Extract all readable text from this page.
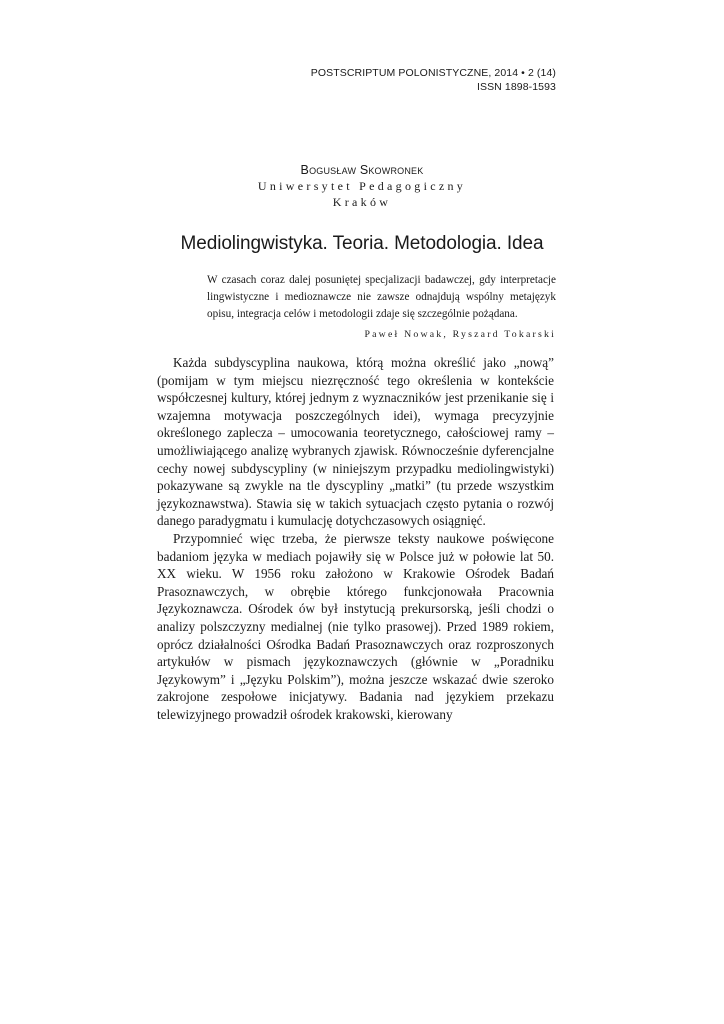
POSTSCRIPTUM POLONISTYCZNE, 2014 • 2 (14)
ISSN 1898-1593
Bogusław Skowronek
Uniwersytet Pedagogiczny
Kraków
Mediolingwistyka. Teoria. Metodologia. Idea
W czasach coraz dalej posuniętej specjalizacji badawczej, gdy interpretacje lingwistyczne i medioznawcze nie zawsze odnajdują wspólny metajęzyk opisu, integracja celów i metodologii zdaje się szczególnie pożądana.
Paweł Nowak, Ryszard Tokarski

Każda subdyscyplina naukowa, którą można określić jako „nową” (pomijam w tym miejscu niezręczność tego określenia w kontekście współczesnej kultury, której jednym z wyznaczników jest przenikanie się i wzajemna motywacja poszczególnych idei), wymaga precyzyjnie określonego zaplecza – umocowania teoretycznego, całościowej ramy – umożliwiającego analizę wybranych zjawisk. Równocześnie dyferencjalne cechy nowej subdyscypliny (w niniejszym przypadku mediolingwistyki) pokazywane są zwykle na tle dyscypliny „matki” (tu przede wszystkim językoznawstwa). Stawia się w takich sytuacjach często pytania o rozwój danego paradygmatu i kumulację dotychczasowych osiągnięć.

Przypomnieć więc trzeba, że pierwsze teksty naukowe poświęcone badaniom języka w mediach pojawiły się w Polsce już w połowie lat 50. XX wieku. W 1956 roku założono w Krakowie Ośrodek Badań Prasoznawczych, w obrębie którego funkcjonowała Pracownia Językoznawcza. Ośrodek ów był instytucją prekursorską, jeśli chodzi o analizy polszczyzny medialnej (nie tylko prasowej). Przed 1989 rokiem, oprócz działalności Ośrodka Badań Prasoznawczych oraz rozproszonych artykułów w pismach językoznawczych (głównie w „Poradniku Językowym” i „Języku Polskim”), można jeszcze wskazać dwie szeroko zakrojone zespołowe inicjatywy. Badania nad językiem przekazu telewizyjnego prowadził ośrodek krakowski, kierowany
